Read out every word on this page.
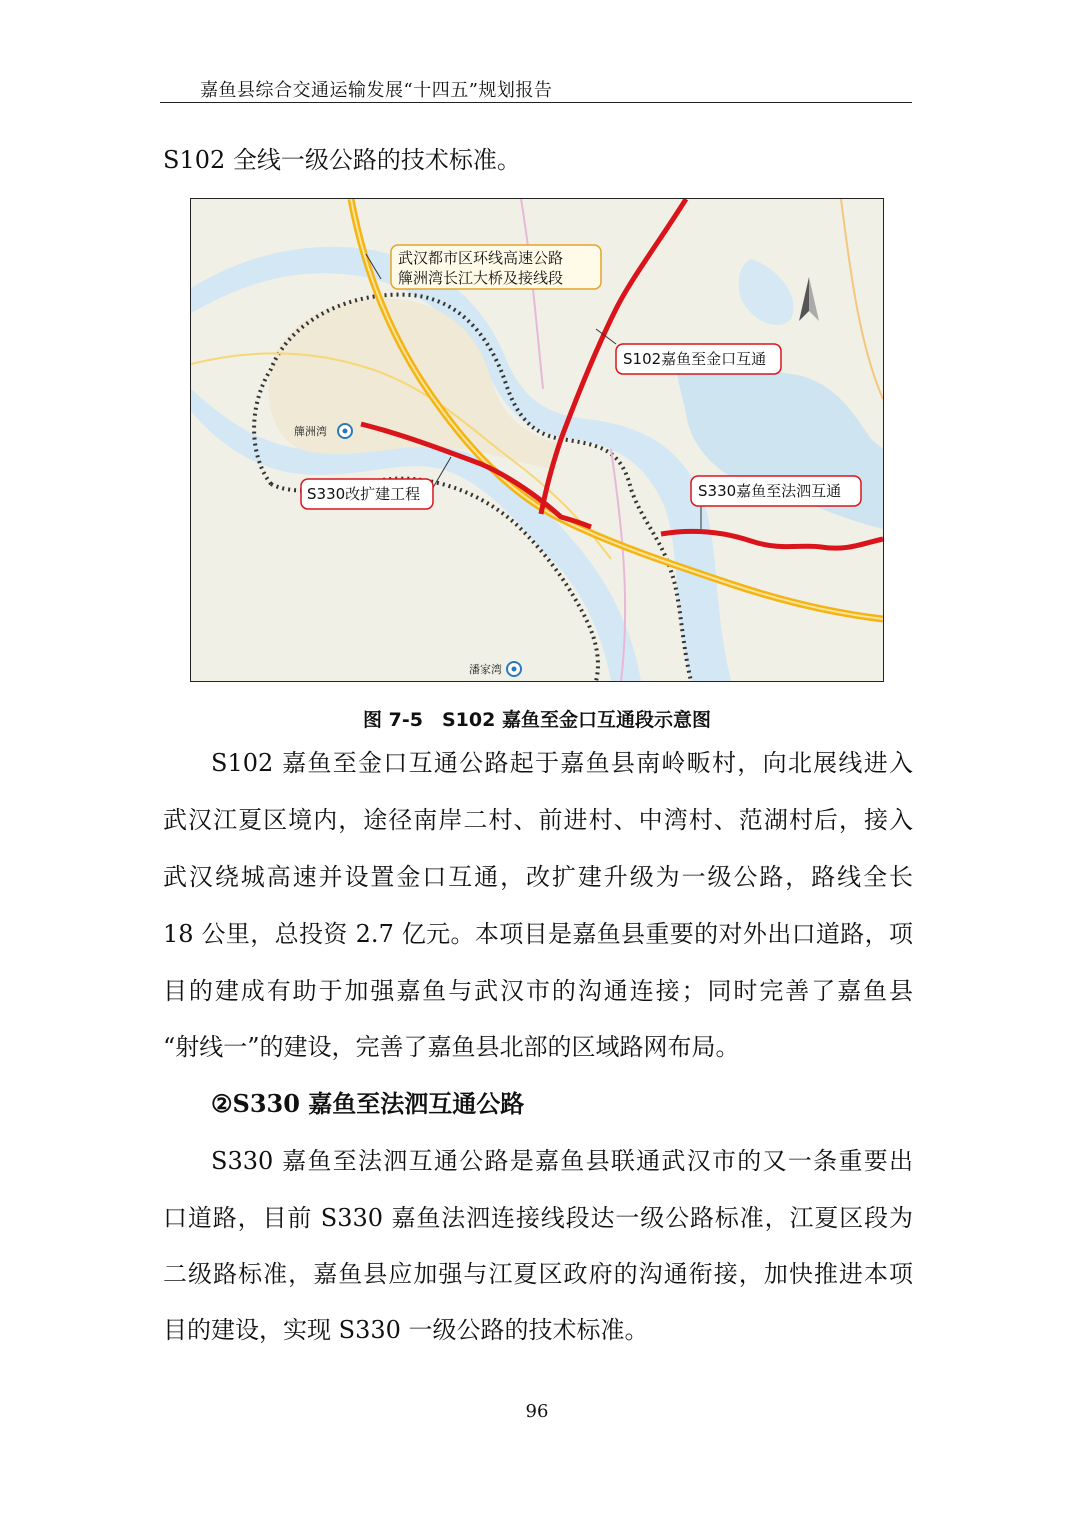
嘉鱼县综合交通运输发展“十四五”规划报告
S102 全线一级公路的技术标准。
武汉都市区环线高速公路
簰洲湾长江大桥及接线段
S102嘉鱼至金口互通
S330改扩建工程	S330嘉鱼至法泗互通
簰洲湾
潘家湾
图 7-5　S102 嘉鱼至金口互通段示意图
S102 嘉鱼至金口互通公路起于嘉鱼县南岭畈村，向北展线进入
武汉江夏区境内，途径南岸二村、前进村、中湾村、范湖村后，接入
武汉绕城高速并设置金口互通，改扩建升级为一级公路，路线全长
18 公里，总投资 2.7 亿元。本项目是嘉鱼县重要的对外出口道路，项
目的建成有助于加强嘉鱼与武汉市的沟通连接；同时完善了嘉鱼县
“射线一”的建设，完善了嘉鱼县北部的区域路网布局。
②S330 嘉鱼至法泗互通公路
S330 嘉鱼至法泗互通公路是嘉鱼县联通武汉市的又一条重要出
口道路，目前 S330 嘉鱼法泗连接线段达一级公路标准，江夏区段为
二级路标准，嘉鱼县应加强与江夏区政府的沟通衔接，加快推进本项
目的建设，实现 S330 一级公路的技术标准。
96
